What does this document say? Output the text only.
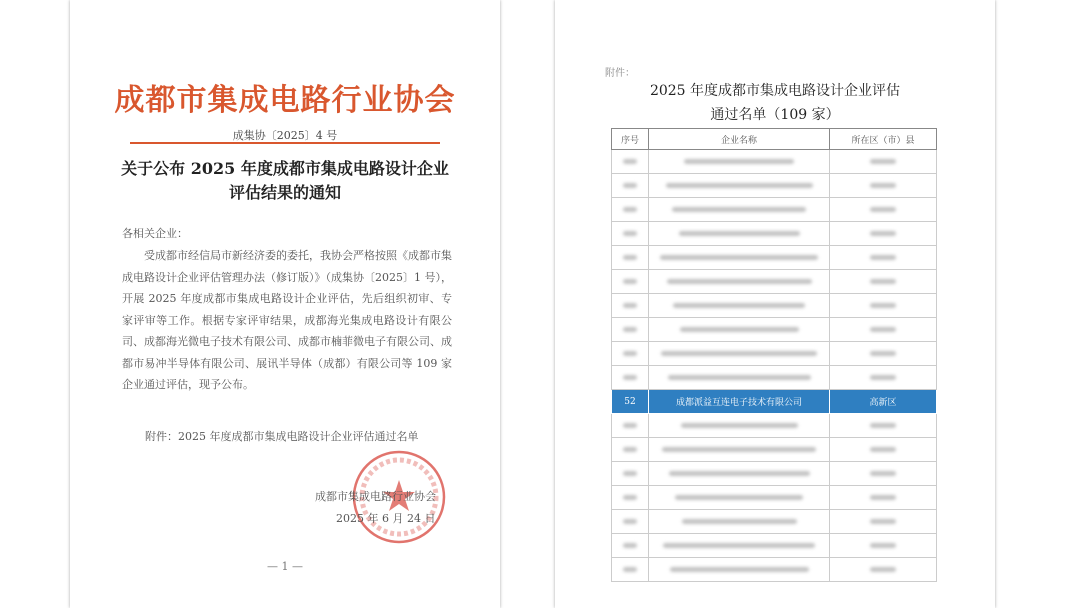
成都市集成电路行业协会
成集协〔2025〕4 号
关于公布 2025 年度成都市集成电路设计企业
评估结果的通知
各相关企业：
受成都市经信局市新经济委的委托，我协会严格按照《成都市集成电路设计企业评估管理办法（修订版）》（成集协〔2025〕1 号），开展 2025 年度成都市集成电路设计企业评估，先后组织初审、专家评审等工作。根据专家评审结果，成都海光集成电路设计有限公司、成都海光微电子技术有限公司、成都市楠菲微电子有限公司、成都市易冲半导体有限公司、展讯半导体（成都）有限公司等 109 家企业通过评估，现予公布。
附件：2025 年度成都市集成电路设计企业评估通过名单
成都市集成电路行业协会
2025 年 6 月 24 日
— 1 —
附件：
2025 年度成都市集成电路设计企业评估
通过名单（109 家）
序号	企业名称	所在区（市）县

52	成都派益互连电子技术有限公司	高新区
